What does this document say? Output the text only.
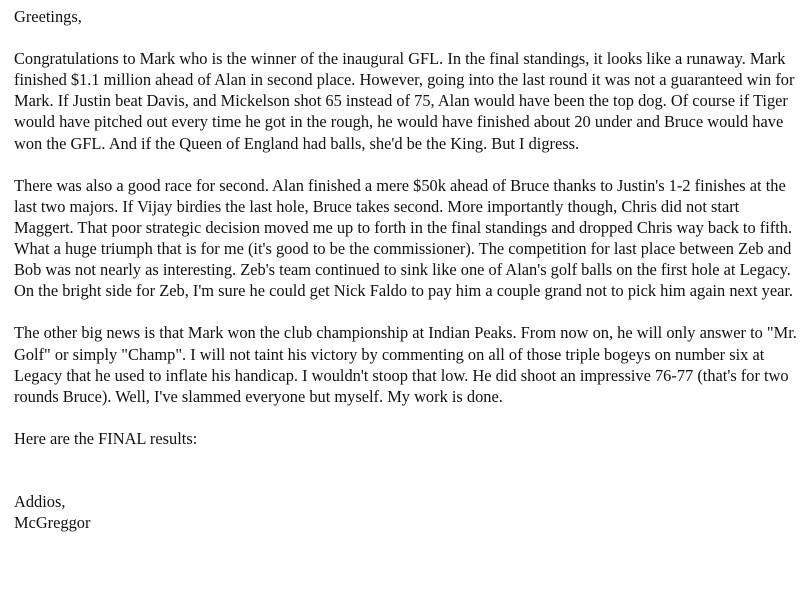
Greetings,

Congratulations to Mark who is the winner of the inaugural GFL. In the final standings, it looks like a runaway. Mark finished $1.1 million ahead of Alan in second place. However, going into the last round it was not a guaranteed win for Mark. If Justin beat Davis, and Mickelson shot 65 instead of 75, Alan would have been the top dog. Of course if Tiger would have pitched out every time he got in the rough, he would have finished about 20 under and Bruce would have won the GFL. And if the Queen of England had balls, she'd be the King. But I digress.

There was also a good race for second. Alan finished a mere $50k ahead of Bruce thanks to Justin's 1-2 finishes at the last two majors. If Vijay birdies the last hole, Bruce takes second. More importantly though, Chris did not start Maggert. That poor strategic decision moved me up to forth in the final standings and dropped Chris way back to fifth. What a huge triumph that is for me (it's good to be the commissioner). The competition for last place between Zeb and Bob was not nearly as interesting. Zeb's team continued to sink like one of Alan's golf balls on the first hole at Legacy. On the bright side for Zeb, I'm sure he could get Nick Faldo to pay him a couple grand not to pick him again next year.

The other big news is that Mark won the club championship at Indian Peaks. From now on, he will only answer to "Mr. Golf" or simply "Champ". I will not taint his victory by commenting on all of those triple bogeys on number six at Legacy that he used to inflate his handicap. I wouldn't stoop that low. He did shoot an impressive 76-77 (that's for two rounds Bruce). Well, I've slammed everyone but myself. My work is done.

Here are the FINAL results:

Addios,

McGreggor
